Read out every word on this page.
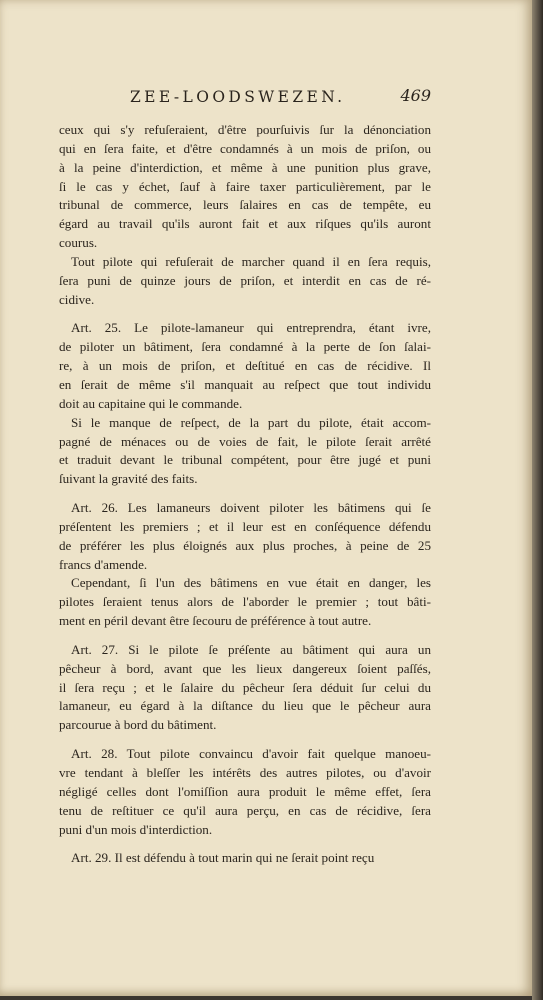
ZEE-LOODSWEZEN.	469
ceux qui s'y refuſeraient, d'être pourſuivis ſur la dénonciation
qui en ſera faite, et d'être condamnés à un mois de priſon, ou
à la peine d'interdiction, et même à une punition plus grave,
ſi le cas y échet, ſauf à faire taxer particulièrement, par le
tribunal de commerce, leurs ſalaires en cas de tempête, eu
égard au travail qu'ils auront fait et aux riſques qu'ils auront
courus.
Tout pilote qui refuſerait de marcher quand il en ſera requis,
ſera puni de quinze jours de priſon, et interdit en cas de ré-
cidive.
Art. 25. Le pilote-lamaneur qui entreprendra, étant ivre,
de piloter un bâtiment, ſera condamné à la perte de ſon ſalai-
re, à un mois de priſon, et deſtitué en cas de récidive. Il
en ſerait de même s'il manquait au reſpect que tout individu
doit au capitaine qui le commande.
Si le manque de reſpect, de la part du pilote, était accom-
pagné de ménaces ou de voies de fait, le pilote ſerait arrêté
et traduit devant le tribunal compétent, pour être jugé et puni
ſuivant la gravité des faits.
Art. 26. Les lamaneurs doivent piloter les bâtimens qui ſe
préſentent les premiers ; et il leur est en conſéquence défendu
de préférer les plus éloignés aux plus proches, à peine de 25
francs d'amende.
Cependant, ſi l'un des bâtimens en vue était en danger, les
pilotes ſeraient tenus alors de l'aborder le premier ; tout bâti-
ment en péril devant être ſecouru de préférence à tout autre.
Art. 27. Si le pilote ſe préſente au bâtiment qui aura un
pêcheur à bord, avant que les lieux dangereux ſoient paſſés,
il ſera reçu ; et le ſalaire du pêcheur ſera déduit ſur celui du
lamaneur, eu égard à la diſtance du lieu que le pêcheur aura
parcourue à bord du bâtiment.
Art. 28. Tout pilote convaincu d'avoir fait quelque manoeu-
vre tendant à bleſſer les intérêts des autres pilotes, ou d'avoir
négligé celles dont l'omiſſion aura produit le même effet, ſera
tenu de reſtituer ce qu'il aura perçu, en cas de récidive, ſera
puni d'un mois d'interdiction.
Art. 29. Il est défendu à tout marin qui ne ſerait point reçu
